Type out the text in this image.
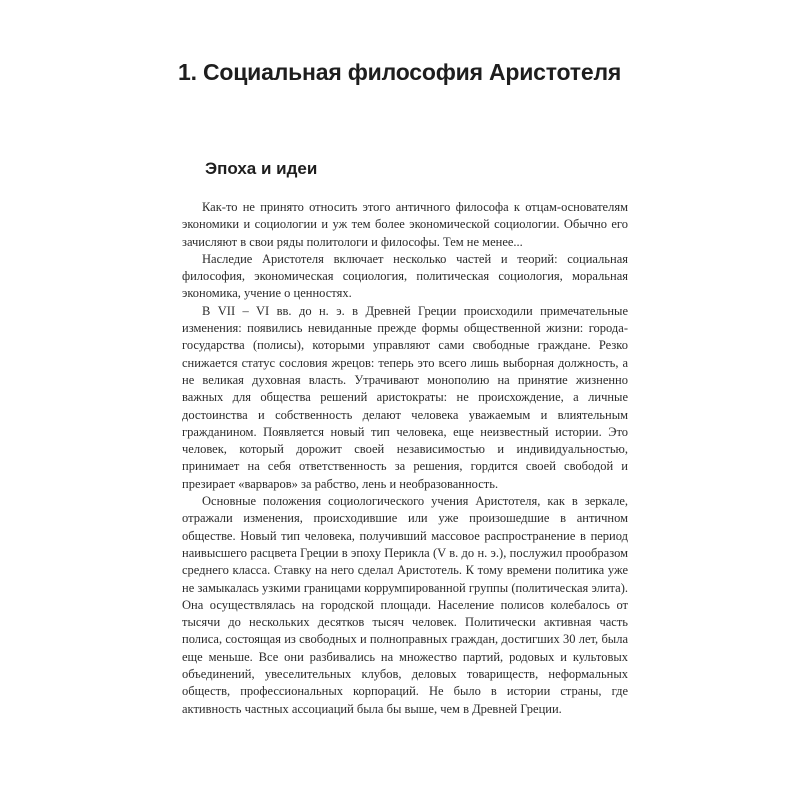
1. Социальная философия Аристотеля
Эпоха и идеи

Как-то не принято относить этого античного философа к отцам-основателям экономики и социологии и уж тем более экономической социологии. Обычно его зачисляют в свои ряды политологи и философы. Тем не менее...

Наследие Аристотеля включает несколько частей и теорий: социальная философия, экономическая социология, политическая социология, моральная экономика, учение о ценностях.

В VII – VI вв. до н. э. в Древней Греции происходили примечательные изменения: появились невиданные прежде формы общественной жизни: города-государства (полисы), которыми управляют сами свободные граждане. Резко снижается статус сословия жрецов: теперь это всего лишь выборная должность, а не великая духовная власть. Утрачивают монополию на принятие жизненно важных для общества решений аристократы: не происхождение, а личные достоинства и собственность делают человека уважаемым и влиятельным гражданином. Появляется новый тип человека, еще неизвестный истории. Это человек, который дорожит своей независимостью и индивидуальностью, принимает на себя ответственность за решения, гордится своей свободой и презирает «варваров» за рабство, лень и необразованность.

Основные положения социологического учения Аристотеля, как в зеркале, отражали изменения, происходившие или уже произошедшие в античном обществе. Новый тип человека, получивший массовое распространение в период наивысшего расцвета Греции в эпоху Перикла (V в. до н. э.), послужил прообразом среднего класса. Ставку на него сделал Аристотель. К тому времени политика уже не замыкалась узкими границами коррумпированной группы (политическая элита). Она осуществлялась на городской площади. Население полисов колебалось от тысячи до нескольких десятков тысяч человек. Политически активная часть полиса, состоящая из свободных и полноправных граждан, достигших 30 лет, была еще меньше. Все они разбивались на множество партий, родовых и культовых объединений, увеселительных клубов, деловых товариществ, неформальных обществ, профессиональных корпораций. Не было в истории страны, где активность частных ассоциаций была бы выше, чем в Древней Греции.
